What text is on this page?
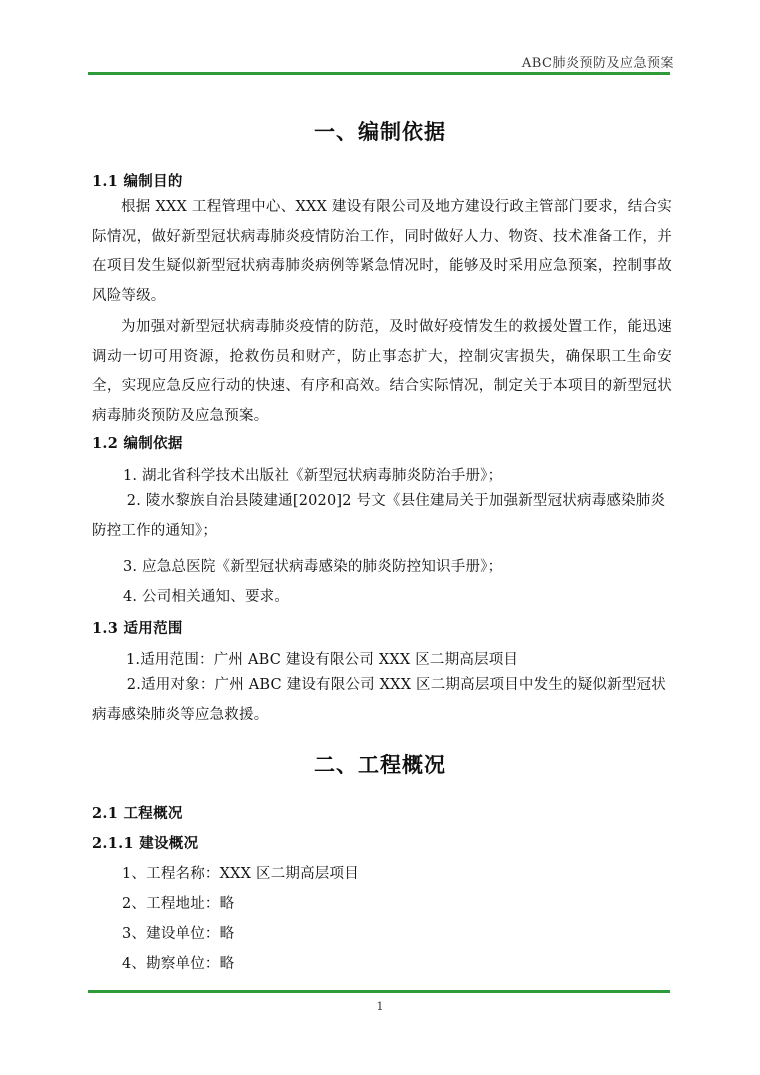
ABC肺炎预防及应急预案
一、编制依据
1.1 编制目的

根据 XXX 工程管理中心、XXX 建设有限公司及地方建设行政主管部门要求，结合实际情况，做好新型冠状病毒肺炎疫情防治工作，同时做好人力、物资、技术准备工作，并在项目发生疑似新型冠状病毒肺炎病例等紧急情况时，能够及时采用应急预案，控制事故风险等级。

为加强对新型冠状病毒肺炎疫情的防范，及时做好疫情发生的救援处置工作，能迅速调动一切可用资源，抢救伤员和财产，防止事态扩大，控制灾害损失，确保职工生命安全，实现应急反应行动的快速、有序和高效。结合实际情况，制定关于本项目的新型冠状病毒肺炎预防及应急预案。

1.2 编制依据
1. 湖北省科学技术出版社《新型冠状病毒肺炎防治手册》；

2. 陵水黎族自治县陵建通[2020]2 号文《县住建局关于加强新型冠状病毒感染肺炎防控工作的通知》；

3. 应急总医院《新型冠状病毒感染的肺炎防控知识手册》；
4. 公司相关通知、要求。
1.3 适用范围
1.适用范围：广州 ABC 建设有限公司 XXX 区二期高层项目

2.适用对象：广州 ABC 建设有限公司 XXX 区二期高层项目中发生的疑似新型冠状病毒感染肺炎等应急救援。

二、工程概况
2.1 工程概况
2.1.1 建设概况
1、工程名称：XXX 区二期高层项目
2、工程地址：略
3、建设单位：略
4、勘察单位：略
1
